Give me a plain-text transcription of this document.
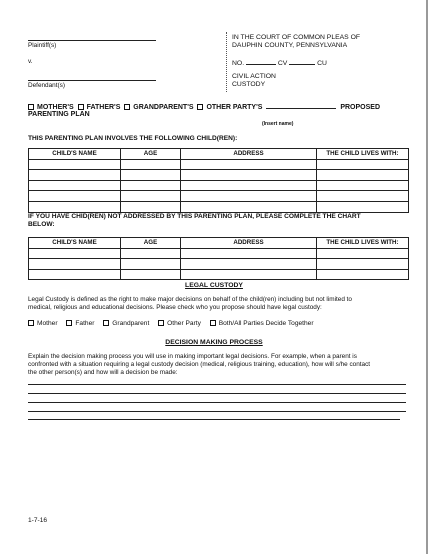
Plaintiff(s)
v.
Defendant(s)
IN THE COURT OF COMMON PLEAS OF
DAUPHIN COUNTY, PENNSYLVANIA
NO.	CV	CU
CIVIL ACTION
CUSTODY
MOTHER'S FATHER'S GRANDPARENT'S OTHER PARTY'S	PROPOSED
PARENTING PLAN
(Insert name)
THIS PARENTING PLAN INVOLVES THE FOLLOWING CHILD(REN):
CHILD'S NAME	AGE	ADDRESS	THE CHILD LIVES WITH:

IF YOU HAVE CHID(REN) NOT ADDRESSED BY THIS PARENTING PLAN, PLEASE COMPLETE THE CHART
BELOW:
CHILD'S NAME	AGE	ADDRESS	THE CHILD LIVES WITH:

LEGAL CUSTODY
Legal Custody is defined as the right to make major decisions on behalf of the child(ren) including but not limited to
medical, religious and educational decisions. Please check who you propose should have legal custody:
Mother	Father	Grandparent	Other Party	Both/All Parties Decide Together
DECISION MAKING PROCESS
Explain the decision making process you will use in making important legal decisions. For example, when a parent is
confronted with a situation requiring a legal custody decision (medical, religious training, education), how will s/he contact
the other person(s) and how will a decision be made:
1-7-16
